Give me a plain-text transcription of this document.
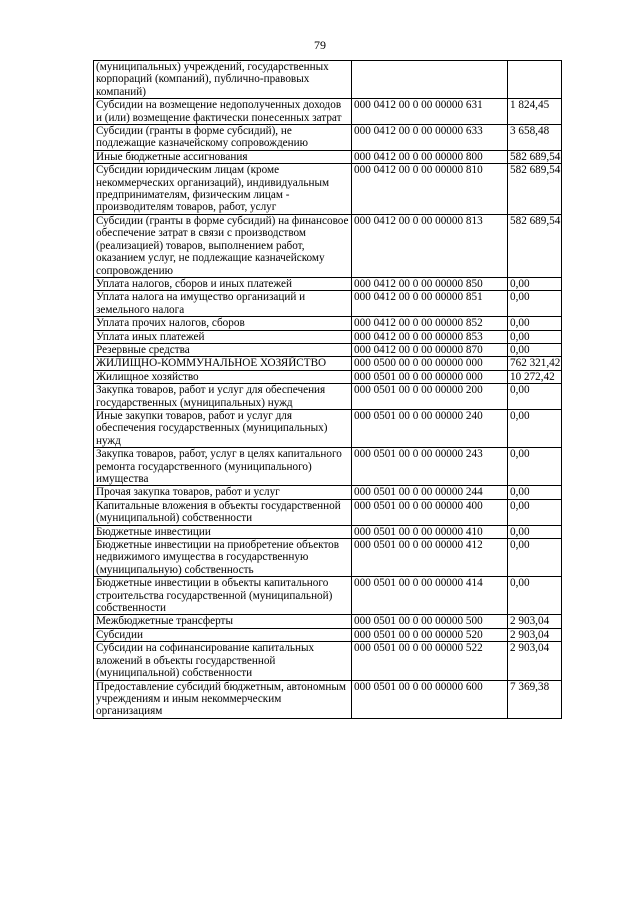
79
(муниципальных) учреждений, государственных корпораций (компаний), публично-правовых компаний)		
Субсидии на возмещение недополученных доходов и (или) возмещение фактически понесенных затрат	000 0412 00 0 00 00000 631	1 824,45
Субсидии (гранты в форме субсидий), не подлежащие казначейскому сопровождению	000 0412 00 0 00 00000 633	3 658,48
Иные бюджетные ассигнования	000 0412 00 0 00 00000 800	582 689,54
Субсидии юридическим лицам (кроме некоммерческих организаций), индивидуальным предпринимателям, физическим лицам - производителям товаров, работ, услуг	000 0412 00 0 00 00000 810	582 689,54
Субсидии (гранты в форме субсидий) на финансовое обеспечение затрат в связи с производством (реализацией) товаров, выполнением работ, оказанием услуг, не подлежащие казначейскому сопровождению	000 0412 00 0 00 00000 813	582 689,54
Уплата налогов, сборов и иных платежей	000 0412 00 0 00 00000 850	0,00
Уплата налога на имущество организаций и земельного налога	000 0412 00 0 00 00000 851	0,00
Уплата прочих налогов, сборов	000 0412 00 0 00 00000 852	0,00
Уплата иных платежей	000 0412 00 0 00 00000 853	0,00
Резервные средства	000 0412 00 0 00 00000 870	0,00
ЖИЛИЩНО-КОММУНАЛЬНОЕ ХОЗЯЙСТВО	000 0500 00 0 00 00000 000	762 321,42
Жилищное хозяйство	000 0501 00 0 00 00000 000	10 272,42
Закупка товаров, работ и услуг для обеспечения государственных (муниципальных) нужд	000 0501 00 0 00 00000 200	0,00
Иные закупки товаров, работ и услуг для обеспечения государственных (муниципальных) нужд	000 0501 00 0 00 00000 240	0,00
Закупка товаров, работ, услуг в целях капитального ремонта государственного (муниципального) имущества	000 0501 00 0 00 00000 243	0,00
Прочая закупка товаров, работ и услуг	000 0501 00 0 00 00000 244	0,00
Капитальные вложения в объекты государственной (муниципальной) собственности	000 0501 00 0 00 00000 400	0,00
Бюджетные инвестиции	000 0501 00 0 00 00000 410	0,00
Бюджетные инвестиции на приобретение объектов недвижимого имущества в государственную (муниципальную) собственность	000 0501 00 0 00 00000 412	0,00
Бюджетные инвестиции в объекты капитального строительства государственной (муниципальной) собственности	000 0501 00 0 00 00000 414	0,00
Межбюджетные трансферты	000 0501 00 0 00 00000 500	2 903,04
Субсидии	000 0501 00 0 00 00000 520	2 903,04
Субсидии на софинансирование капитальных вложений в объекты государственной (муниципальной) собственности	000 0501 00 0 00 00000 522	2 903,04
Предоставление субсидий бюджетным, автономным учреждениям и иным некоммерческим организациям	000 0501 00 0 00 00000 600	7 369,38
